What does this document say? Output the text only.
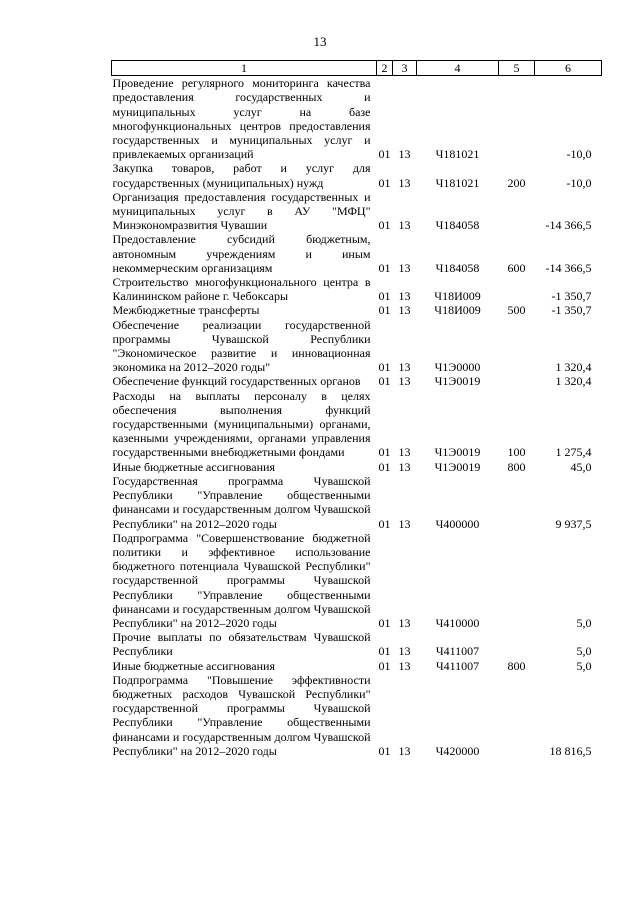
13
1	2	3	4	5	6
Проведение регулярного мониторинга качества предоставления государственных и муниципальных услуг на базе многофункциональных центров предоставления государственных и муниципальных услуг и привлекаемых организаций	01	13	Ч181021		-10,0
Закупка товаров, работ и услуг для государственных (муниципальных) нужд	01	13	Ч181021	200	-10,0
Организация предоставления государственных и муниципальных услуг в АУ "МФЦ" Минэкономразвития Чувашии	01	13	Ч184058		-14 366,5
Предоставление субсидий бюджетным, автономным учреждениям и иным некоммерческим организациям	01	13	Ч184058	600	-14 366,5
Строительство многофункционального центра в Калининском районе г. Чебоксары	01	13	Ч18И009		-1 350,7
Межбюджетные трансферты	01	13	Ч18И009	500	-1 350,7
Обеспечение реализации государственной программы Чувашской Республики "Экономическое развитие и инновационная экономика на 2012–2020 годы"	01	13	Ч1Э0000		1 320,4
Обеспечение функций государственных органов	01	13	Ч1Э0019		1 320,4
Расходы на выплаты персоналу в целях обеспечения выполнения функций государственными (муниципальными) органами, казенными учреждениями, органами управления государственными внебюджетными фондами	01	13	Ч1Э0019	100	1 275,4
Иные бюджетные ассигнования	01	13	Ч1Э0019	800	45,0
Государственная программа Чувашской Республики "Управление общественными финансами и государственным долгом Чувашской Республики" на 2012–2020 годы	01	13	Ч400000		9 937,5
Подпрограмма "Совершенствование бюджетной политики и эффективное использование бюджетного потенциала Чувашской Республики" государственной программы Чувашской Республики "Управление общественными финансами и государственным долгом Чувашской Республики" на 2012–2020 годы	01	13	Ч410000		5,0
Прочие выплаты по обязательствам Чувашской Республики	01	13	Ч411007		5,0
Иные бюджетные ассигнования	01	13	Ч411007	800	5,0
Подпрограмма "Повышение эффективности бюджетных расходов Чувашской Республики" государственной программы Чувашской Республики "Управление общественными финансами и государственным долгом Чувашской Республики" на 2012–2020 годы	01	13	Ч420000		18 816,5
